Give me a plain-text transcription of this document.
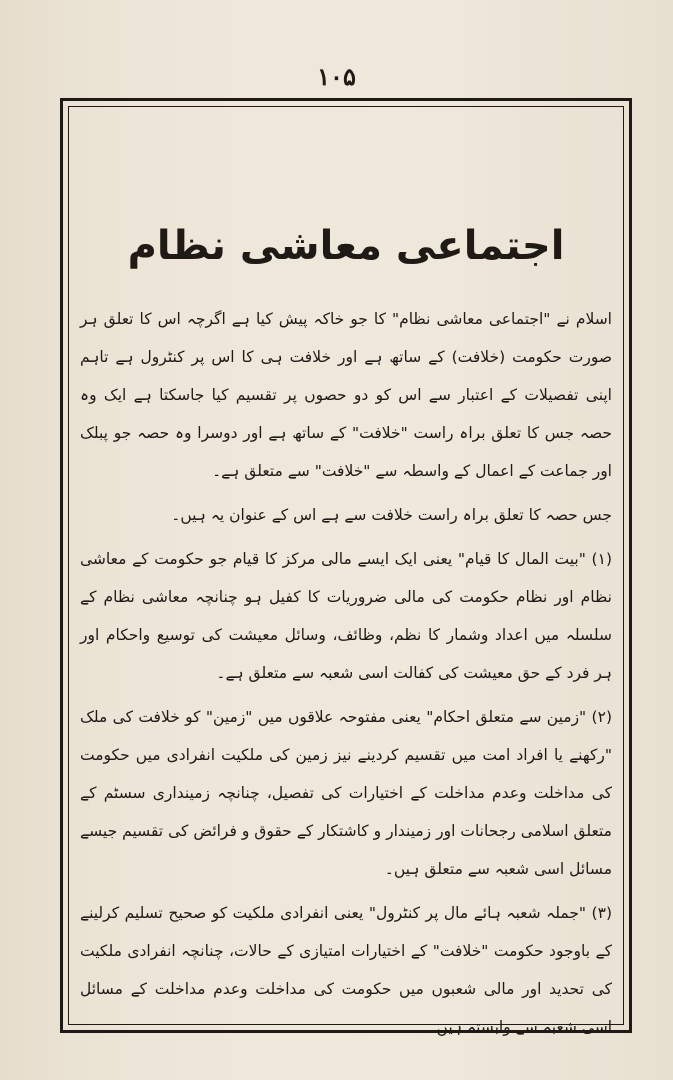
۱۰۵
اجتماعی معاشی نظام

اسلام نے "اجتماعی معاشی نظام" کا جو خاکہ پیش کیا ہے اگرچہ اس کا تعلق ہر صورت حکومت (خلافت) کے ساتھ ہے اور خلافت ہی کا اس پر کنٹرول ہے تاہم اپنی تفصیلات کے اعتبار سے اس کو دو حصوں پر تقسیم کیا جاسکتا ہے ایک وہ حصہ جس کا تعلق براہ راست "خلافت" کے ساتھ ہے اور دوسرا وہ حصہ جو پبلک اور جماعت کے اعمال کے واسطہ سے "خلافت" سے متعلق ہے۔

جس حصہ کا تعلق براہ راست خلافت سے ہے اس کے عنوان یہ ہیں۔

(۱) "بیت المال کا قیام" یعنی ایک ایسے مالی مرکز کا قیام جو حکومت کے معاشی نظام اور نظام حکومت کی مالی ضروریات کا کفیل ہو چنانچہ معاشی نظام کے سلسلہ میں اعداد وشمار کا نظم، وظائف، وسائل معیشت کی توسیع واحکام اور ہر فرد کے حق معیشت کی کفالت اسی شعبہ سے متعلق ہے۔

(۲) "زمین سے متعلق احکام" یعنی مفتوحہ علاقوں میں "زمین" کو خلافت کی ملک "رکھنے یا افراد امت میں تقسیم کردینے نیز زمین کی ملکیت انفرادی میں حکومت کی مداخلت وعدم مداخلت کے اختیارات کی تفصیل، چنانچہ زمینداری سسٹم کے متعلق اسلامی رجحانات اور زمیندار و کاشتکار کے حقوق و فرائض کی تقسیم جیسے مسائل اسی شعبہ سے متعلق ہیں۔

(۳) "جملہ شعبہ ہائے مال پر کنٹرول" یعنی انفرادی ملکیت کو صحیح تسلیم کرلینے کے باوجود حکومت "خلافت" کے اختیارات امتیازی کے حالات، چنانچہ انفرادی ملکیت کی تحدید اور مالی شعبوں میں حکومت کی مداخلت وعدم مداخلت کے مسائل اسی شعبہ سے وابستہ ہیں۔
